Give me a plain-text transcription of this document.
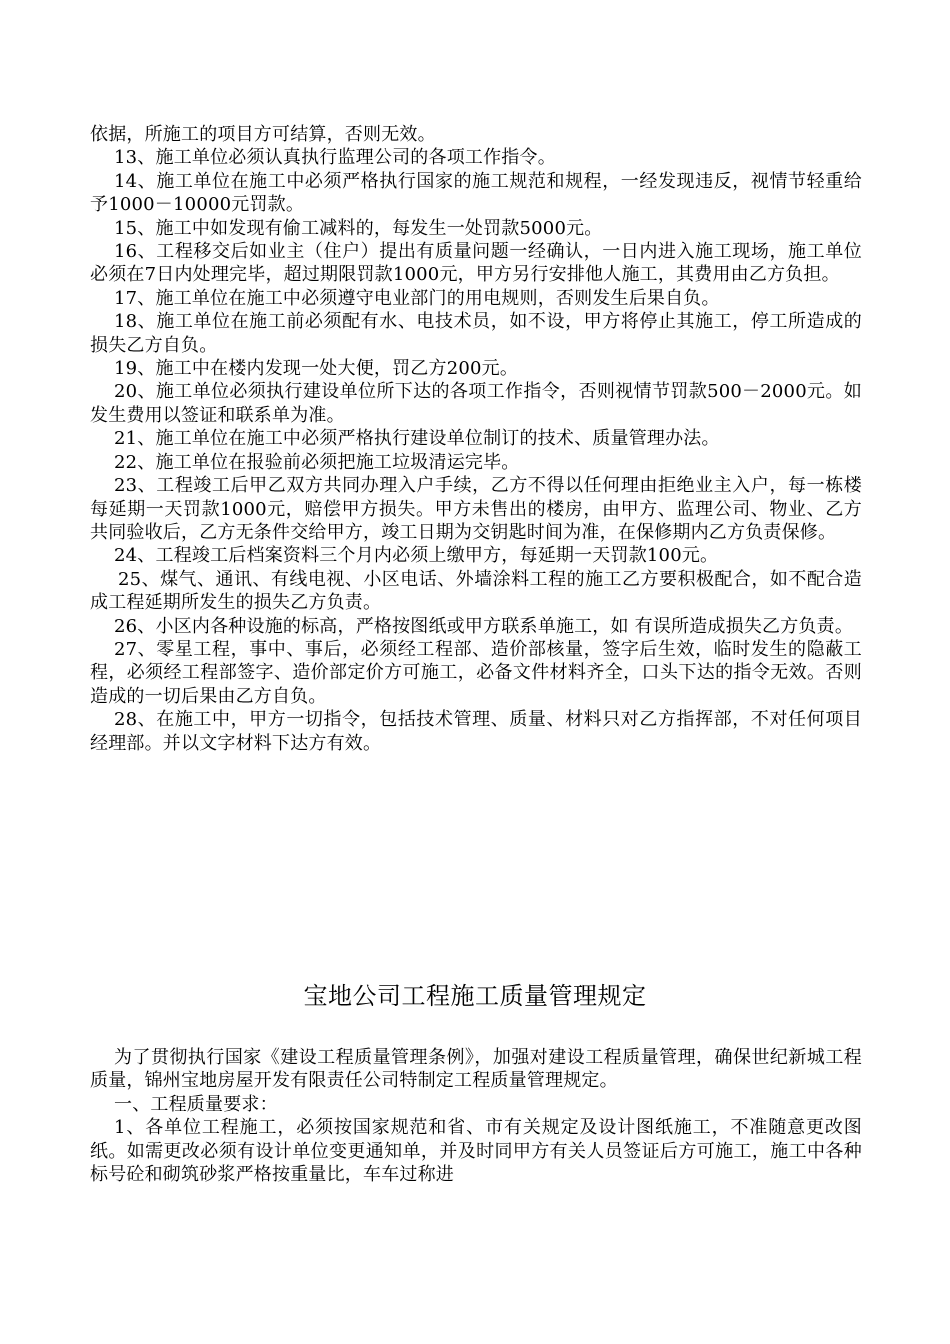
依据，所施工的项目方可结算，否则无效。

13、施工单位必须认真执行监理公司的各项工作指令。

14、施工单位在施工中必须严格执行国家的施工规范和规程，一经发现违反，视情节轻重给予1000－10000元罚款。

15、施工中如发现有偷工减料的，每发生一处罚款5000元。

16、工程移交后如业主（住户）提出有质量问题一经确认，一日内进入施工现场，施工单位必须在7日内处理完毕，超过期限罚款1000元，甲方另行安排他人施工，其费用由乙方负担。

17、施工单位在施工中必须遵守电业部门的用电规则，否则发生后果自负。

18、施工单位在施工前必须配有水、电技术员，如不设，甲方将停止其施工，停工所造成的损失乙方自负。

19、施工中在楼内发现一处大便，罚乙方200元。

20、施工单位必须执行建设单位所下达的各项工作指令，否则视情节罚款500－2000元。如发生费用以签证和联系单为准。

21、施工单位在施工中必须严格执行建设单位制订的技术、质量管理办法。

22、施工单位在报验前必须把施工垃圾清运完毕。

23、工程竣工后甲乙双方共同办理入户手续，乙方不得以任何理由拒绝业主入户，每一栋楼每延期一天罚款1000元，赔偿甲方损失。甲方未售出的楼房，由甲方、监理公司、物业、乙方共同验收后，乙方无条件交给甲方，竣工日期为交钥匙时间为准，在保修期内乙方负责保修。

24、工程竣工后档案资料三个月内必须上缴甲方，每延期一天罚款100元。

25、煤气、通讯、有线电视、小区电话、外墙涂料工程的施工乙方要积极配合，如不配合造成工程延期所发生的损失乙方负责。

26、小区内各种设施的标高，严格按图纸或甲方联系单施工，如 有误所造成损失乙方负责。

27、零星工程，事中、事后，必须经工程部、造价部核量，签字后生效，临时发生的隐蔽工程，必须经工程部签字、造价部定价方可施工，必备文件材料齐全，口头下达的指令无效。否则造成的一切后果由乙方自负。

28、在施工中，甲方一切指令，包括技术管理、质量、材料只对乙方指挥部，不对任何项目经理部。并以文字材料下达方有效。

宝地公司工程施工质量管理规定

为了贯彻执行国家《建设工程质量管理条例》，加强对建设工程质量管理，确保世纪新城工程质量，锦州宝地房屋开发有限责任公司特制定工程质量管理规定。

一、工程质量要求：

1、各单位工程施工，必须按国家规范和省、市有关规定及设计图纸施工，不准随意更改图纸。如需更改必须有设计单位变更通知单，并及时同甲方有关人员签证后方可施工，施工中各种标号砼和砌筑砂浆严格按重量比，车车过称进
